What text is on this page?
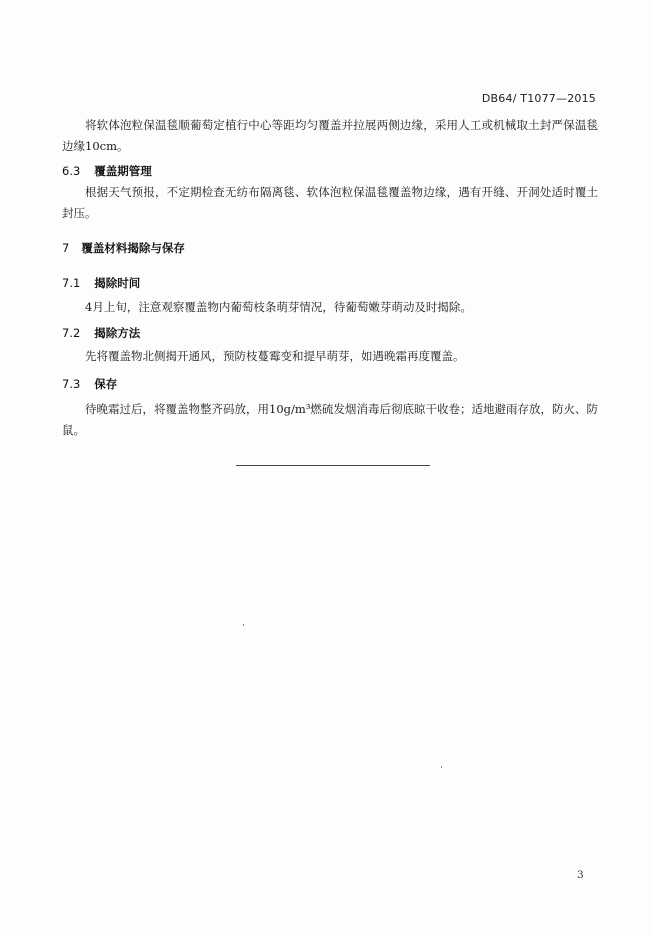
DB64/ T1077—2015

将软体泡粒保温毯顺葡萄定植行中心等距均匀覆盖并拉展两侧边缘，采用人工或机械取土封严保温毯边缘10cm。

6.3 覆盖期管理

根据天气预报，不定期检查无纺布隔离毯、软体泡粒保温毯覆盖物边缘，遇有开缝、开洞处适时覆土封压。

7 覆盖材料揭除与保存
7.1 揭除时间

4月上旬，注意观察覆盖物内葡萄枝条萌芽情况，待葡萄嫩芽萌动及时揭除。

7.2 揭除方法

先将覆盖物北侧揭开通风，预防枝蔓霉变和提早萌芽，如遇晚霜再度覆盖。

7.3 保存

待晚霜过后，将覆盖物整齐码放，用10g/m³燃硫发烟消毒后彻底晾干收卷；适地避雨存放，防火、防鼠。

3
